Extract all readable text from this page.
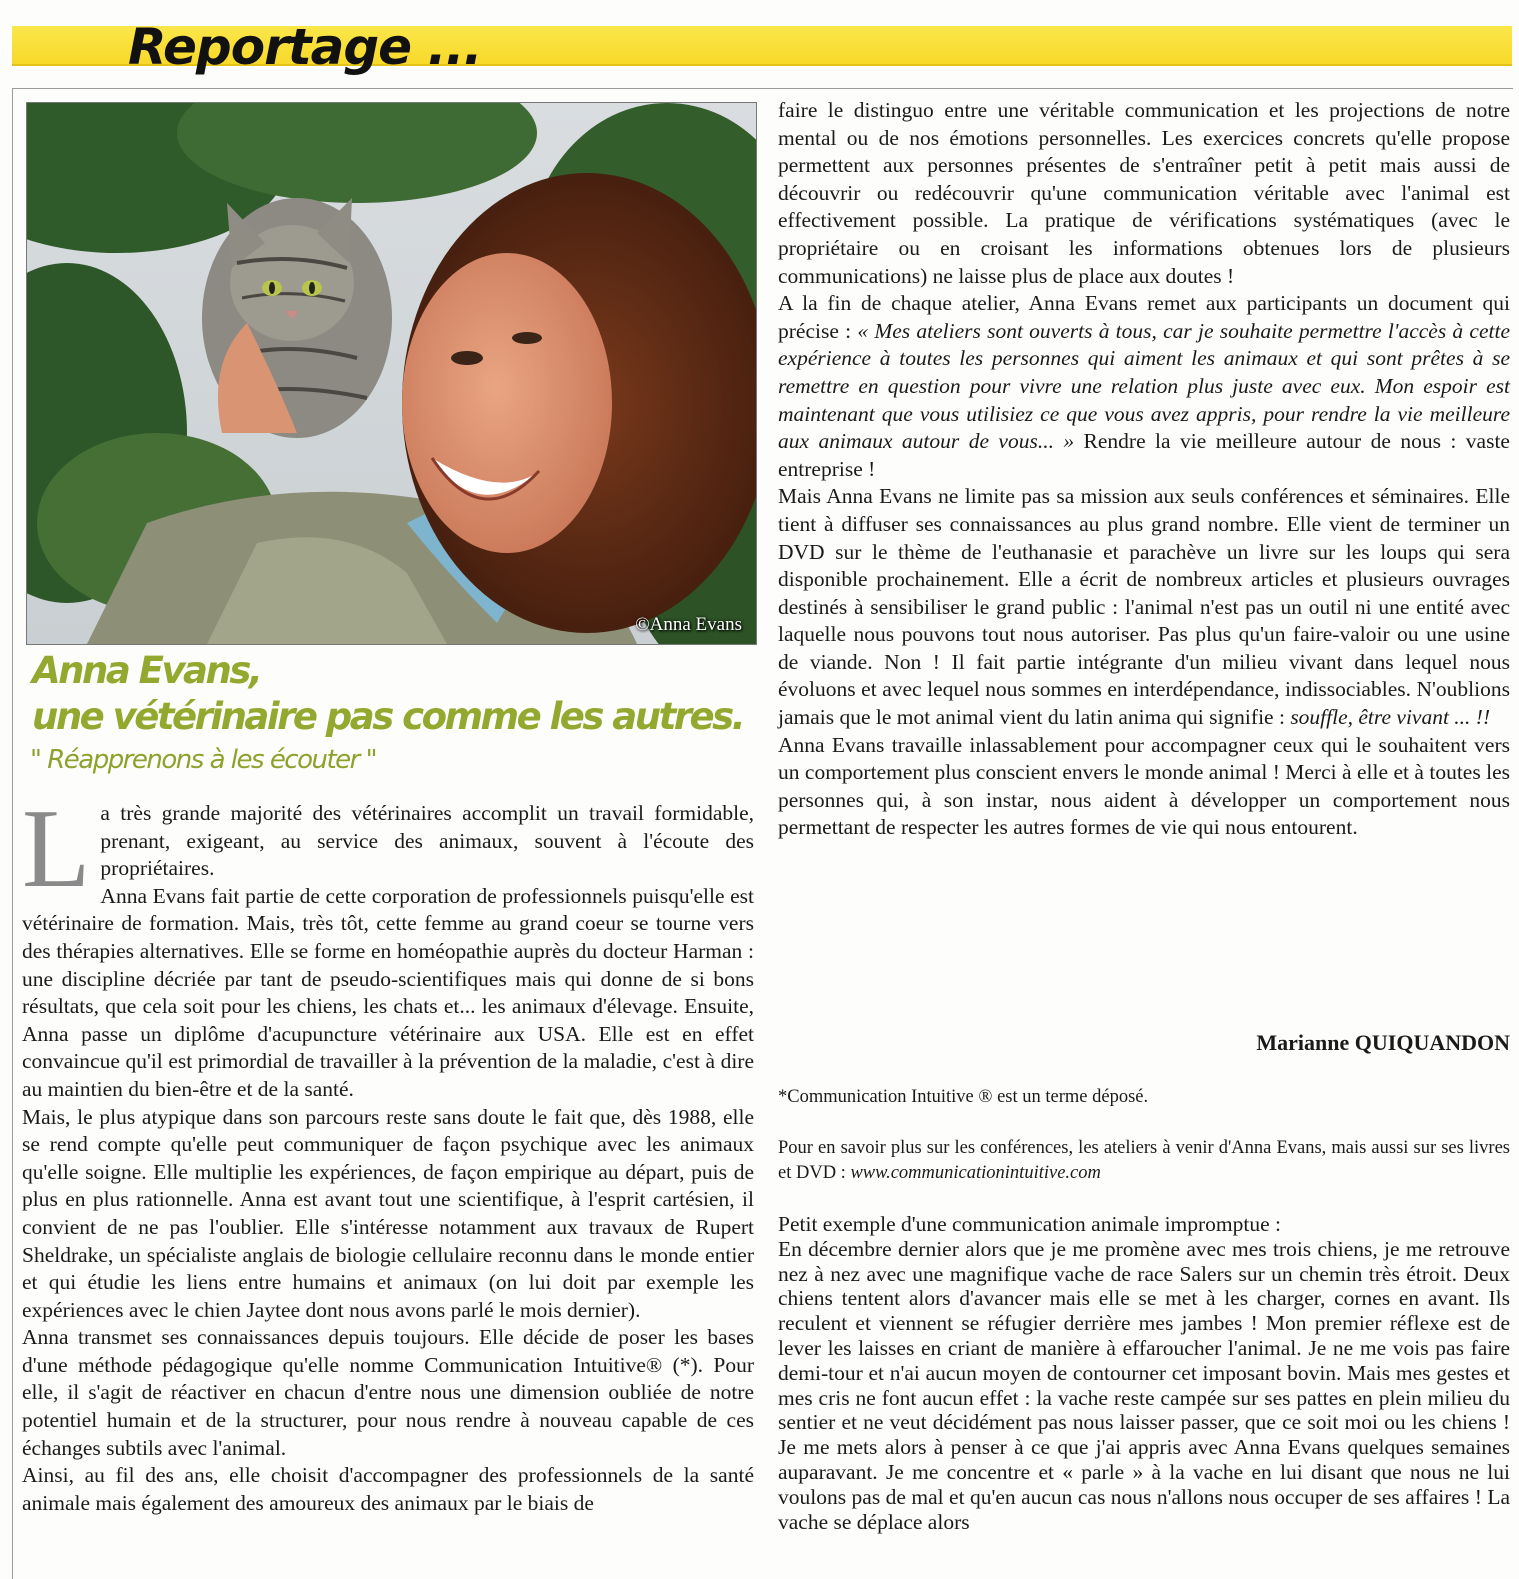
Reportage ...
©Anna Evans
Anna Evans,
une vétérinaire pas comme les autres.
" Réapprenons à les écouter "

L a très grande majorité des vétérinaires accomplit un travail formidable, prenant, exigeant, au service des animaux, souvent à l'écoute des propriétaires.

Anna Evans fait partie de cette corporation de professionnels puisqu'elle est vétérinaire de formation. Mais, très tôt, cette femme au grand coeur se tourne vers des thérapies alternatives. Elle se forme en homéopathie auprès du docteur Harman : une discipline décriée par tant de pseudo-scientifiques mais qui donne de si bons résultats, que cela soit pour les chiens, les chats et... les animaux d'élevage. Ensuite, Anna passe un diplôme d'acupuncture vétérinaire aux USA. Elle est en effet convaincue qu'il est primordial de travailler à la prévention de la maladie, c'est à dire au maintien du bien-être et de la santé.

Mais, le plus atypique dans son parcours reste sans doute le fait que, dès 1988, elle se rend compte qu'elle peut communiquer de façon psychique avec les animaux qu'elle soigne. Elle multiplie les expériences, de façon empirique au départ, puis de plus en plus rationnelle. Anna est avant tout une scientifique, à l'esprit cartésien, il convient de ne pas l'oublier. Elle s'intéresse notamment aux travaux de Rupert Sheldrake, un spécialiste anglais de biologie cellulaire reconnu dans le monde entier et qui étudie les liens entre humains et animaux (on lui doit par exemple les expériences avec le chien Jaytee dont nous avons parlé le mois dernier).

Anna transmet ses connaissances depuis toujours. Elle décide de poser les bases d'une méthode pédagogique qu'elle nomme Communication Intuitive® (*). Pour elle, il s'agit de réactiver en chacun d'entre nous une dimension oubliée de notre potentiel humain et de la structurer, pour nous rendre à nouveau capable de ces échanges subtils avec l'animal.

Ainsi, au fil des ans, elle choisit d'accompagner des professionnels de la santé animale mais également des amoureux des animaux par le biais de

faire le distinguo entre une véritable communication et les projections de notre mental ou de nos émotions personnelles. Les exercices concrets qu'elle propose permettent aux personnes présentes de s'entraîner petit à petit mais aussi de découvrir ou redécouvrir qu'une communication véritable avec l'animal est effectivement possible. La pratique de vérifications systématiques (avec le propriétaire ou en croisant les informations obtenues lors de plusieurs communications) ne laisse plus de place aux doutes !

A la fin de chaque atelier, Anna Evans remet aux participants un document qui précise : « Mes ateliers sont ouverts à tous, car je souhaite permettre l'accès à cette expérience à toutes les personnes qui aiment les animaux et qui sont prêtes à se remettre en question pour vivre une relation plus juste avec eux. Mon espoir est maintenant que vous utilisiez ce que vous avez appris, pour rendre la vie meilleure aux animaux autour de vous... » Rendre la vie meilleure autour de nous : vaste entreprise !

Mais Anna Evans ne limite pas sa mission aux seuls conférences et séminaires. Elle tient à diffuser ses connaissances au plus grand nombre. Elle vient de terminer un DVD sur le thème de l'euthanasie et parachève un livre sur les loups qui sera disponible prochainement. Elle a écrit de nombreux articles et plusieurs ouvrages destinés à sensibiliser le grand public : l'animal n'est pas un outil ni une entité avec laquelle nous pouvons tout nous autoriser. Pas plus qu'un faire-valoir ou une usine de viande. Non ! Il fait partie intégrante d'un milieu vivant dans lequel nous évoluons et avec lequel nous sommes en interdépendance, indissociables. N'oublions jamais que le mot animal vient du latin anima qui signifie : souffle, être vivant ... !!

Anna Evans travaille inlassablement pour accompagner ceux qui le souhaitent vers un comportement plus conscient envers le monde animal ! Merci à elle et à toutes les personnes qui, à son instar, nous aident à développer un comportement nous permettant de respecter les autres formes de vie qui nous entourent.

Marianne QUIQUANDON
*Communication Intuitive ® est un terme déposé.
Pour en savoir plus sur les conférences, les ateliers à venir d'Anna Evans, mais aussi sur ses livres et DVD : www.communicationintuitive.com

Petit exemple d'une communication animale impromptue :

En décembre dernier alors que je me promène avec mes trois chiens, je me retrouve nez à nez avec une magnifique vache de race Salers sur un chemin très étroit. Deux chiens tentent alors d'avancer mais elle se met à les charger, cornes en avant. Ils reculent et viennent se réfugier derrière mes jambes ! Mon premier réflexe est de lever les laisses en criant de manière à effaroucher l'animal. Je ne me vois pas faire demi-tour et n'ai aucun moyen de contourner cet imposant bovin. Mais mes gestes et mes cris ne font aucun effet : la vache reste campée sur ses pattes en plein milieu du sentier et ne veut décidément pas nous laisser passer, que ce soit moi ou les chiens ! Je me mets alors à penser à ce que j'ai appris avec Anna Evans quelques semaines auparavant. Je me concentre et « parle » à la vache en lui disant que nous ne lui voulons pas de mal et qu'en aucun cas nous n'allons nous occuper de ses affaires ! La vache se déplace alors
